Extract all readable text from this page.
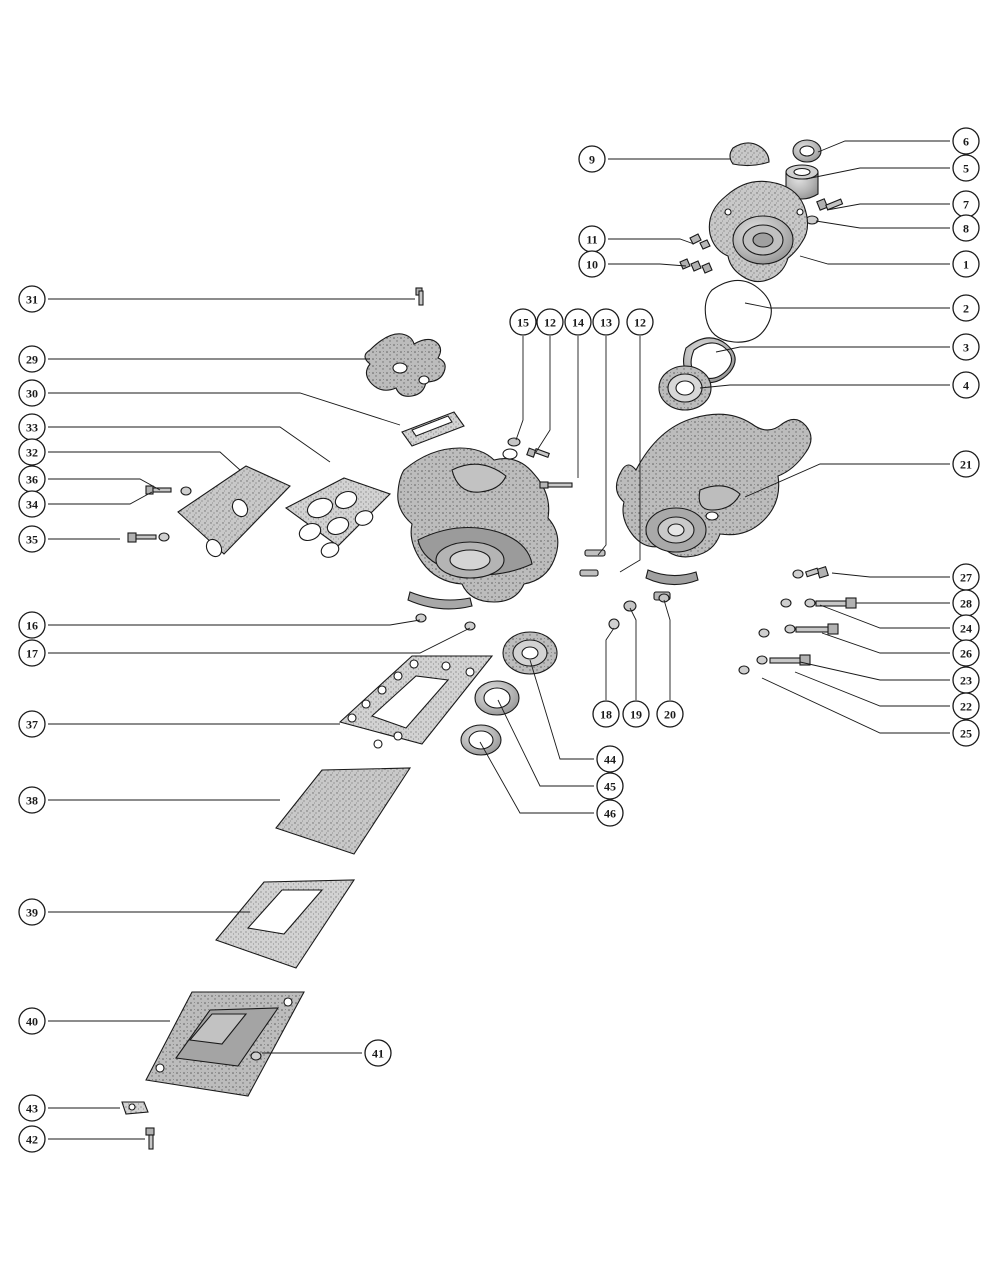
9
6
5
7
8
1
2
3
4
11
10
31
29
30
33
32
36
34
35
15 12 14 13 12
21
27
28
24
26
23
22
25
16
17
37
38
39
40
41
43
42
18 19 20
44
45
46
